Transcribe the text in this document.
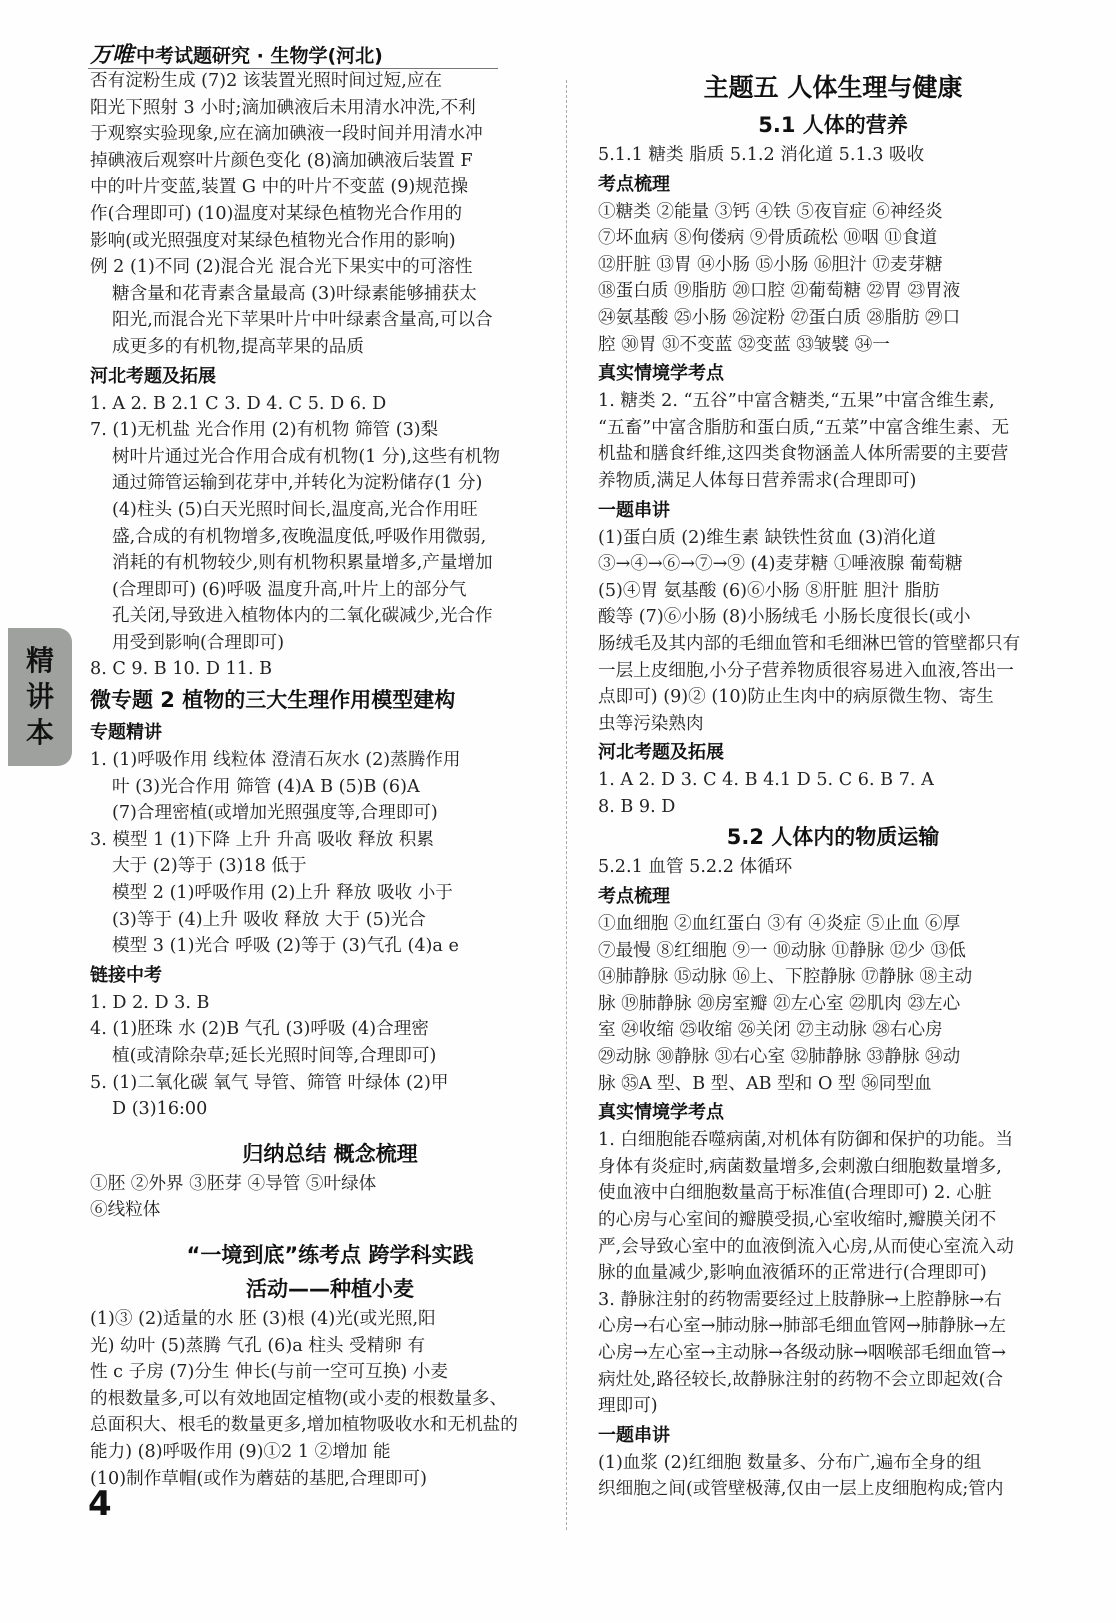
万唯 中考试题研究 · 生物学(河北)
精
讲
本

否有淀粉生成 (7)2 该装置光照时间过短,应在

阳光下照射 3 小时;滴加碘液后未用清水冲洗,不利

于观察实验现象,应在滴加碘液一段时间并用清水冲

掉碘液后观察叶片颜色变化 (8)滴加碘液后装置 F

中的叶片变蓝,装置 G 中的叶片不变蓝 (9)规范操

作(合理即可) (10)温度对某绿色植物光合作用的

影响(或光照强度对某绿色植物光合作用的影响)

例 2 (1)不同 (2)混合光 混合光下果实中的可溶性

糖含量和花青素含量最高 (3)叶绿素能够捕获太

阳光,而混合光下苹果叶片中叶绿素含量高,可以合

成更多的有机物,提高苹果的品质

河北考题及拓展

1. A 2. B 2.1 C 3. D 4. C 5. D 6. D

7. (1)无机盐 光合作用 (2)有机物 筛管 (3)梨

树叶片通过光合作用合成有机物(1 分),这些有机物

通过筛管运输到花芽中,并转化为淀粉储存(1 分)

(4)柱头 (5)白天光照时间长,温度高,光合作用旺

盛,合成的有机物增多,夜晚温度低,呼吸作用微弱,

消耗的有机物较少,则有机物积累量增多,产量增加

(合理即可) (6)呼吸 温度升高,叶片上的部分气

孔关闭,导致进入植物体内的二氧化碳减少,光合作

用受到影响(合理即可)

8. C 9. B 10. D 11. B

微专题 2 植物的三大生理作用模型建构
专题精讲

1. (1)呼吸作用 线粒体 澄清石灰水 (2)蒸腾作用

叶 (3)光合作用 筛管 (4)A B (5)B (6)A

(7)合理密植(或增加光照强度等,合理即可)

3. 模型 1 (1)下降 上升 升高 吸收 释放 积累

大于 (2)等于 (3)18 低于

模型 2 (1)呼吸作用 (2)上升 释放 吸收 小于

(3)等于 (4)上升 吸收 释放 大于 (5)光合

模型 3 (1)光合 呼吸 (2)等于 (3)气孔 (4)a e

链接中考

1. D 2. D 3. B

4. (1)胚珠 水 (2)B 气孔 (3)呼吸 (4)合理密

植(或清除杂草;延长光照时间等,合理即可)

5. (1)二氧化碳 氧气 导管、筛管 叶绿体 (2)甲

D (3)16:00

归纳总结 概念梳理

①胚 ②外界 ③胚芽 ④导管 ⑤叶绿体

⑥线粒体

“一境到底”练考点 跨学科实践
活动——种植小麦

(1)③ (2)适量的水 胚 (3)根 (4)光(或光照,阳

光) 幼叶 (5)蒸腾 气孔 (6)a 柱头 受精卵 有

性 c 子房 (7)分生 伸长(与前一空可互换) 小麦

的根数量多,可以有效地固定植物(或小麦的根数量多、

总面积大、根毛的数量更多,增加植物吸收水和无机盐的

能力) (8)呼吸作用 (9)①2 1 ②增加 能

(10)制作草帽(或作为蘑菇的基肥,合理即可)

主题五 人体生理与健康
5.1 人体的营养

5.1.1 糖类 脂质 5.1.2 消化道 5.1.3 吸收

考点梳理

①糖类 ②能量 ③钙 ④铁 ⑤夜盲症 ⑥神经炎

⑦坏血病 ⑧佝偻病 ⑨骨质疏松 ⑩咽 ⑪食道

⑫肝脏 ⑬胃 ⑭小肠 ⑮小肠 ⑯胆汁 ⑰麦芽糖

⑱蛋白质 ⑲脂肪 ⑳口腔 ㉑葡萄糖 ㉒胃 ㉓胃液

㉔氨基酸 ㉕小肠 ㉖淀粉 ㉗蛋白质 ㉘脂肪 ㉙口

腔 ㉚胃 ㉛不变蓝 ㉜变蓝 ㉝皱襞 ㉞一

真实情境学考点

1. 糖类 2. “五谷”中富含糖类,“五果”中富含维生素,

“五畜”中富含脂肪和蛋白质,“五菜”中富含维生素、无

机盐和膳食纤维,这四类食物涵盖人体所需要的主要营

养物质,满足人体每日营养需求(合理即可)

一题串讲

(1)蛋白质 (2)维生素 缺铁性贫血 (3)消化道

③→④→⑥→⑦→⑨ (4)麦芽糖 ①唾液腺 葡萄糖

(5)④胃 氨基酸 (6)⑥小肠 ⑧肝脏 胆汁 脂肪

酸等 (7)⑥小肠 (8)小肠绒毛 小肠长度很长(或小

肠绒毛及其内部的毛细血管和毛细淋巴管的管壁都只有

一层上皮细胞,小分子营养物质很容易进入血液,答出一

点即可) (9)② (10)防止生肉中的病原微生物、寄生

虫等污染熟肉

河北考题及拓展

1. A 2. D 3. C 4. B 4.1 D 5. C 6. B 7. A

8. B 9. D

5.2 人体内的物质运输

5.2.1 血管 5.2.2 体循环

考点梳理

①血细胞 ②血红蛋白 ③有 ④炎症 ⑤止血 ⑥厚

⑦最慢 ⑧红细胞 ⑨一 ⑩动脉 ⑪静脉 ⑫少 ⑬低

⑭肺静脉 ⑮动脉 ⑯上、下腔静脉 ⑰静脉 ⑱主动

脉 ⑲肺静脉 ⑳房室瓣 ㉑左心室 ㉒肌肉 ㉓左心

室 ㉔收缩 ㉕收缩 ㉖关闭 ㉗主动脉 ㉘右心房

㉙动脉 ㉚静脉 ㉛右心室 ㉜肺静脉 ㉝静脉 ㉞动

脉 ㉟A 型、B 型、AB 型和 O 型 ㊱同型血

真实情境学考点

1. 白细胞能吞噬病菌,对机体有防御和保护的功能。当

身体有炎症时,病菌数量增多,会刺激白细胞数量增多,

使血液中白细胞数量高于标准值(合理即可) 2. 心脏

的心房与心室间的瓣膜受损,心室收缩时,瓣膜关闭不

严,会导致心室中的血液倒流入心房,从而使心室流入动

脉的血量减少,影响血液循环的正常进行(合理即可)

3. 静脉注射的药物需要经过上肢静脉→上腔静脉→右

心房→右心室→肺动脉→肺部毛细血管网→肺静脉→左

心房→左心室→主动脉→各级动脉→咽喉部毛细血管→

病灶处,路径较长,故静脉注射的药物不会立即起效(合

理即可)

一题串讲

(1)血浆 (2)红细胞 数量多、分布广,遍布全身的组

织细胞之间(或管壁极薄,仅由一层上皮细胞构成;管内

4
